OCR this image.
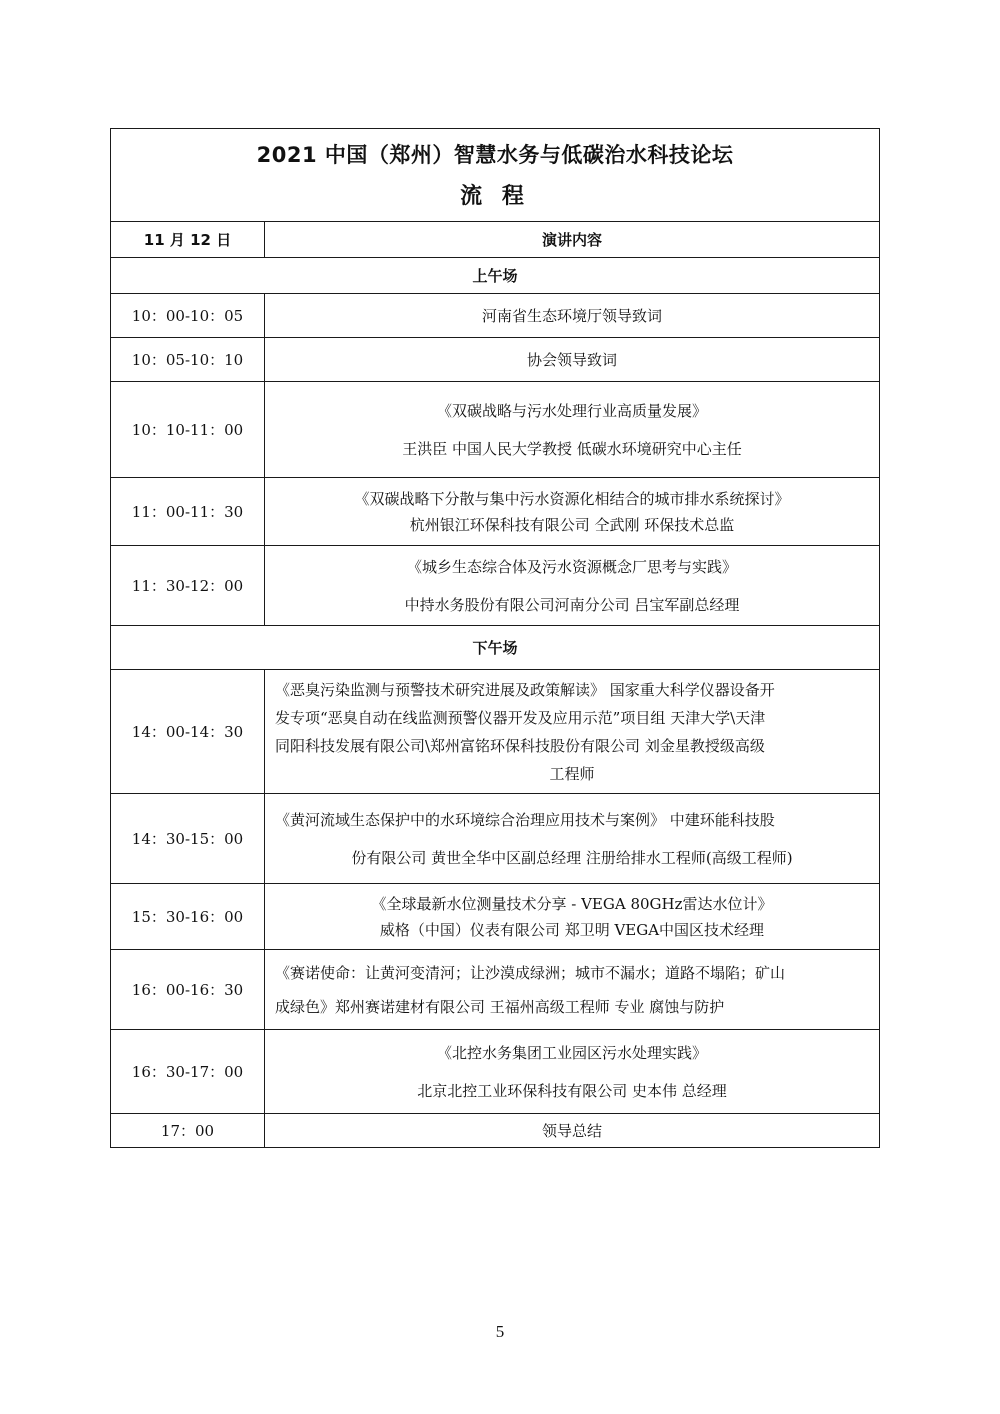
2021 中国（郑州）智慧水务与低碳治水科技论坛
流 程	

11 月 12 日	演讲内容
上午场	
10：00-10：05	河南省生态环境厅领导致词

10：05-10：10	协会领导致词

10：10-11：00	《双碳战略与污水处理行业高质量发展》
王洪臣 中国人民大学教授 低碳水环境研究中心主任

11：00-11：30	《双碳战略下分散与集中污水资源化相结合的城市排水系统探讨》
杭州银江环保科技有限公司 仝武刚 环保技术总监

11：30-12：00	《城乡生态综合体及污水资源概念厂思考与实践》
中持水务股份有限公司河南分公司 吕宝军副总经理

下午场	
14：00-14：30	《恶臭污染监测与预警技术研究进展及政策解读》 国家重大科学仪器设备开
发专项“恶臭自动在线监测预警仪器开发及应用示范”项目组 天津大学\天津
同阳科技发展有限公司\郑州富铭环保科技股份有限公司 刘金星教授级高级
工程师

14：30-15：00	《黄河流域生态保护中的水环境综合治理应用技术与案例》 中建环能科技股
份有限公司 黄世全华中区副总经理 注册给排水工程师(高级工程师)

15：30-16：00	《全球最新水位测量技术分享 - VEGA 80GHz雷达水位计》
威格（中国）仪表有限公司 郑卫明 VEGA中国区技术经理

16：00-16：30	《赛诺使命：让黄河变清河；让沙漠成绿洲；城市不漏水；道路不塌陷；矿山
成绿色》郑州赛诺建材有限公司 王福州高级工程师 专业 腐蚀与防护

16：30-17：00	《北控水务集团工业园区污水处理实践》
北京北控工业环保科技有限公司 史本伟 总经理

17：00	领导总结
5
